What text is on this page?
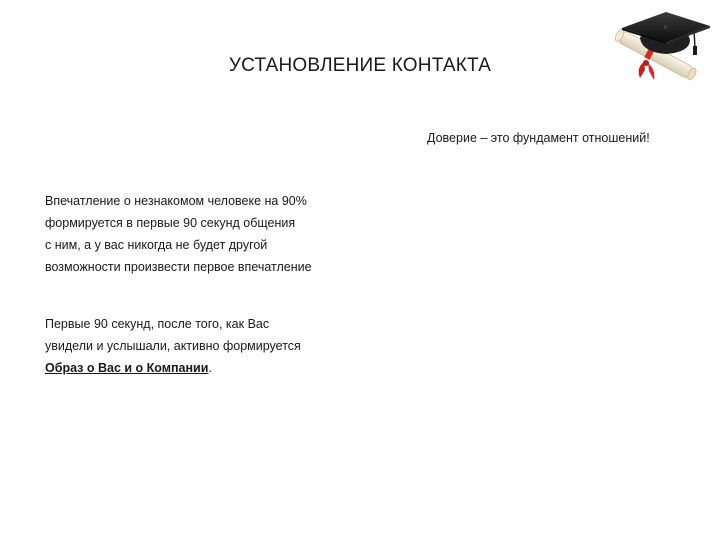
УСТАНОВЛЕНИЕ КОНТАКТА
Доверие – это фундамент отношений!
Впечатление о незнакомом человеке на 90%
формируется в первые 90 секунд общения
с ним, а у вас никогда не будет другой
возможности произвести первое впечатление
Первые 90 секунд, после того, как Вас
увидели и услышали, активно формируется
Образ о Вас и о Компании.
